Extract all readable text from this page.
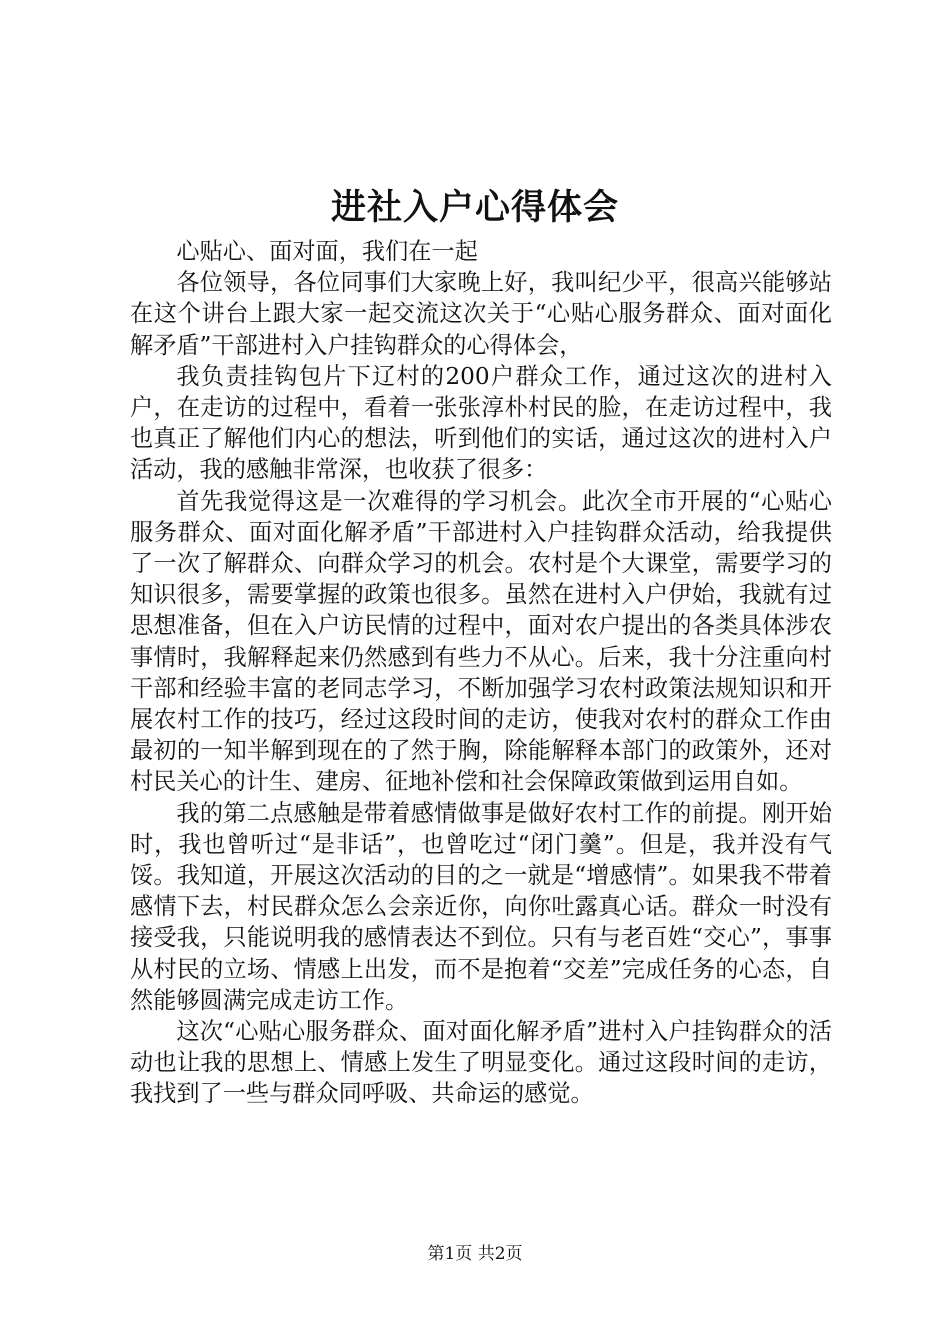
进社入户心得体会

心贴心、面对面，我们在一起

各位领导，各位同事们大家晚上好，我叫纪少平，很高兴能够站在这个讲台上跟大家一起交流这次关于“心贴心服务群众、面对面化解矛盾”干部进村入户挂钩群众的心得体会，

我负责挂钩包片下辽村的200户群众工作，通过这次的进村入户，在走访的过程中，看着一张张淳朴村民的脸，在走访过程中，我也真正了解他们内心的想法，听到他们的实话，通过这次的进村入户活动，我的感触非常深，也收获了很多：

首先我觉得这是一次难得的学习机会。此次全市开展的“心贴心服务群众、面对面化解矛盾”干部进村入户挂钩群众活动，给我提供了一次了解群众、向群众学习的机会。农村是个大课堂，需要学习的知识很多，需要掌握的政策也很多。虽然在进村入户伊始，我就有过思想准备，但在入户访民情的过程中，面对农户提出的各类具体涉农事情时，我解释起来仍然感到有些力不从心。后来，我十分注重向村干部和经验丰富的老同志学习，不断加强学习农村政策法规知识和开展农村工作的技巧，经过这段时间的走访，使我对农村的群众工作由最初的一知半解到现在的了然于胸，除能解释本部门的政策外，还对村民关心的计生、建房、征地补偿和社会保障政策做到运用自如。

我的第二点感触是带着感情做事是做好农村工作的前提。刚开始时，我也曾听过“是非话”，也曾吃过“闭门羹”。但是，我并没有气馁。我知道，开展这次活动的目的之一就是“增感情”。如果我不带着感情下去，村民群众怎么会亲近你，向你吐露真心话。群众一时没有接受我，只能说明我的感情表达不到位。只有与老百姓“交心”，事事从村民的立场、情感上出发，而不是抱着“交差”完成任务的心态，自然能够圆满完成走访工作。

这次“心贴心服务群众、面对面化解矛盾”进村入户挂钩群众的活动也让我的思想上、情感上发生了明显变化。通过这段时间的走访，我找到了一些与群众同呼吸、共命运的感觉。

第1页 共2页
